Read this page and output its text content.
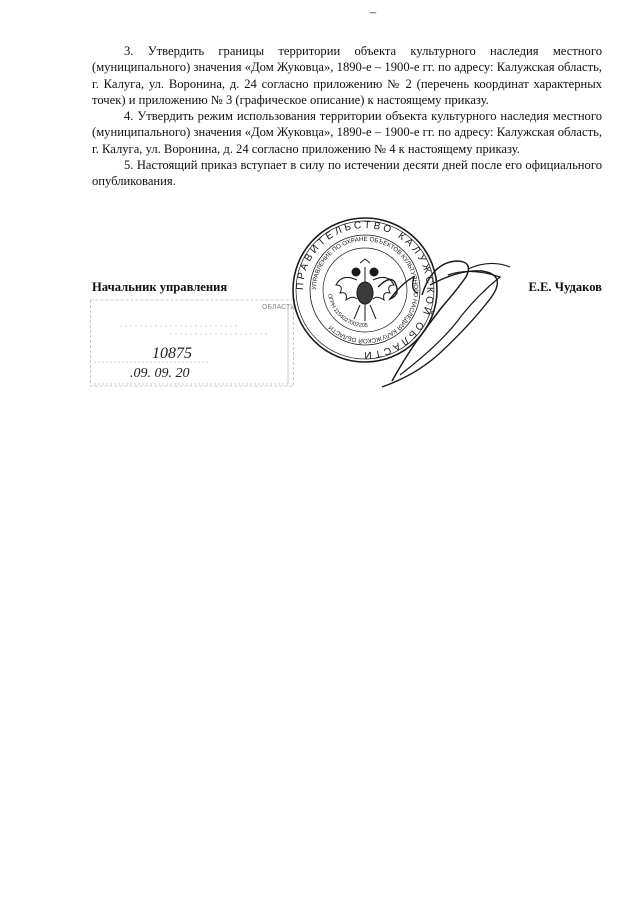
_

3. Утвердить границы территории объекта культурного наследия местного (муниципального) значения «Дом Жуковца», 1890-е – 1900-е гг. по адресу: Калужская область, г. Калуга, ул. Воронина, д. 24 согласно приложению № 2 (перечень координат характерных точек) и приложению № 3 (графическое описание) к настоящему приказу.

4. Утвердить режим использования территории объекта культурного наследия местного (муниципального) значения «Дом Жуковца», 1890-е – 1900-е гг. по адресу: Калужская область, г. Калуга, ул. Воронина, д. 24 согласно приложению № 4 к настоящему приказу.

5. Настоящий приказ вступает в силу по истечении десяти дней после его официального опубликования.

Начальник управления	Е.Е. Чудаков
ОБЛАСТИ
10875
.09. 09. 20
ПРАВИТЕЛЬСТВО КАЛУЖСКОЙ ОБЛАСТИ
УПРАВЛЕНИЕ ПО ОХРАНЕ ОБЪЕКТОВ КУЛЬТУРНОГО НАСЛЕДИЯ КАЛУЖСКОЙ ОБЛАСТИ
ОГРН 1154027002205
